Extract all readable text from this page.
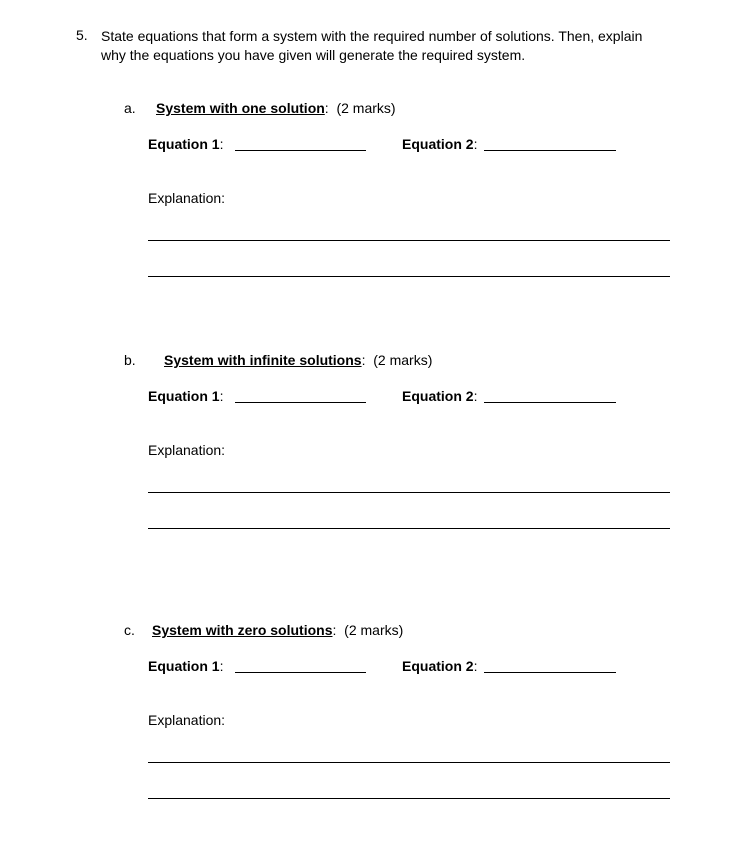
5. State equations that form a system with the required number of solutions. Then, explain
why the equations you have given will generate the required system.
a. System with one solution: (2 marks)
Equation 1:	Equation 2:
Explanation:
b. System with infinite solutions: (2 marks)
Equation 1:	Equation 2:
Explanation:
c. System with zero solutions: (2 marks)
Equation 1:	Equation 2:
Explanation:
